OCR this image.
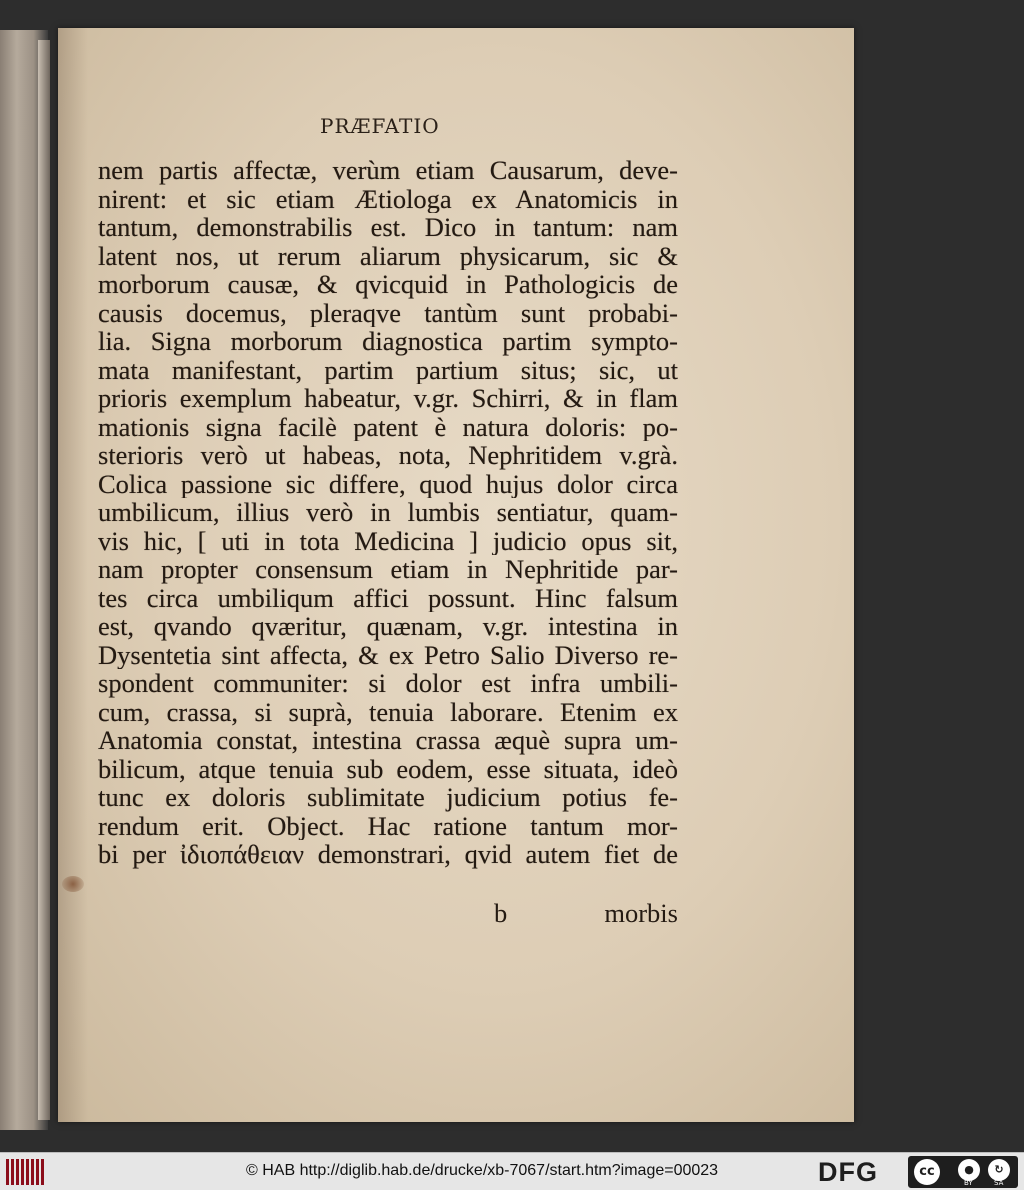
PRÆFATIO
nem partis affectæ, verùm etiam Causarum, deve-
nirent: et sic etiam Ætiologa ex Anatomicis in
tantum, demonstrabilis est. Dico in tantum: nam
latent nos, ut rerum aliarum physicarum, sic &
morborum causæ, & qvicquid in Pathologicis de
causis docemus, pleraqve tantùm sunt probabi-
lia. Signa morborum diagnostica partim sympto-
mata manifestant, partim partium situs; sic, ut
prioris exemplum habeatur, v.gr. Schirri, & in flam
mationis signa facilè patent è natura doloris: po-
sterioris verò ut habeas, nota, Nephritidem v.grà.
Colica passione sic differe, quod hujus dolor circa
umbilicum, illius verò in lumbis sentiatur, quam-
vis hic, [ uti in tota Medicina ] judicio opus sit,
nam propter consensum etiam in Nephritide par-
tes circa umbiliqum affici possunt. Hinc falsum
est, qvando qværitur, quænam, v.gr. intestina in
Dysentetia sint affecta, & ex Petro Salio Diverso re-
spondent communiter: si dolor est infra umbili-
cum, crassa, si suprà, tenuia laborare. Etenim ex
Anatomia constat, intestina crassa æquè supra um-
bilicum, atque tenuia sub eodem, esse situata, ideò
tunc ex doloris sublimitate judicium potius fe-
rendum erit. Object. Hac ratione tantum mor-
bi per ἰδιοπάθειαν demonstrari, qvid autem fiet de
b	morbis
© HAB http://diglib.hab.de/drucke/xb-7067/start.htm?image=00023	DFG	cc	●	↻
BY	SA
